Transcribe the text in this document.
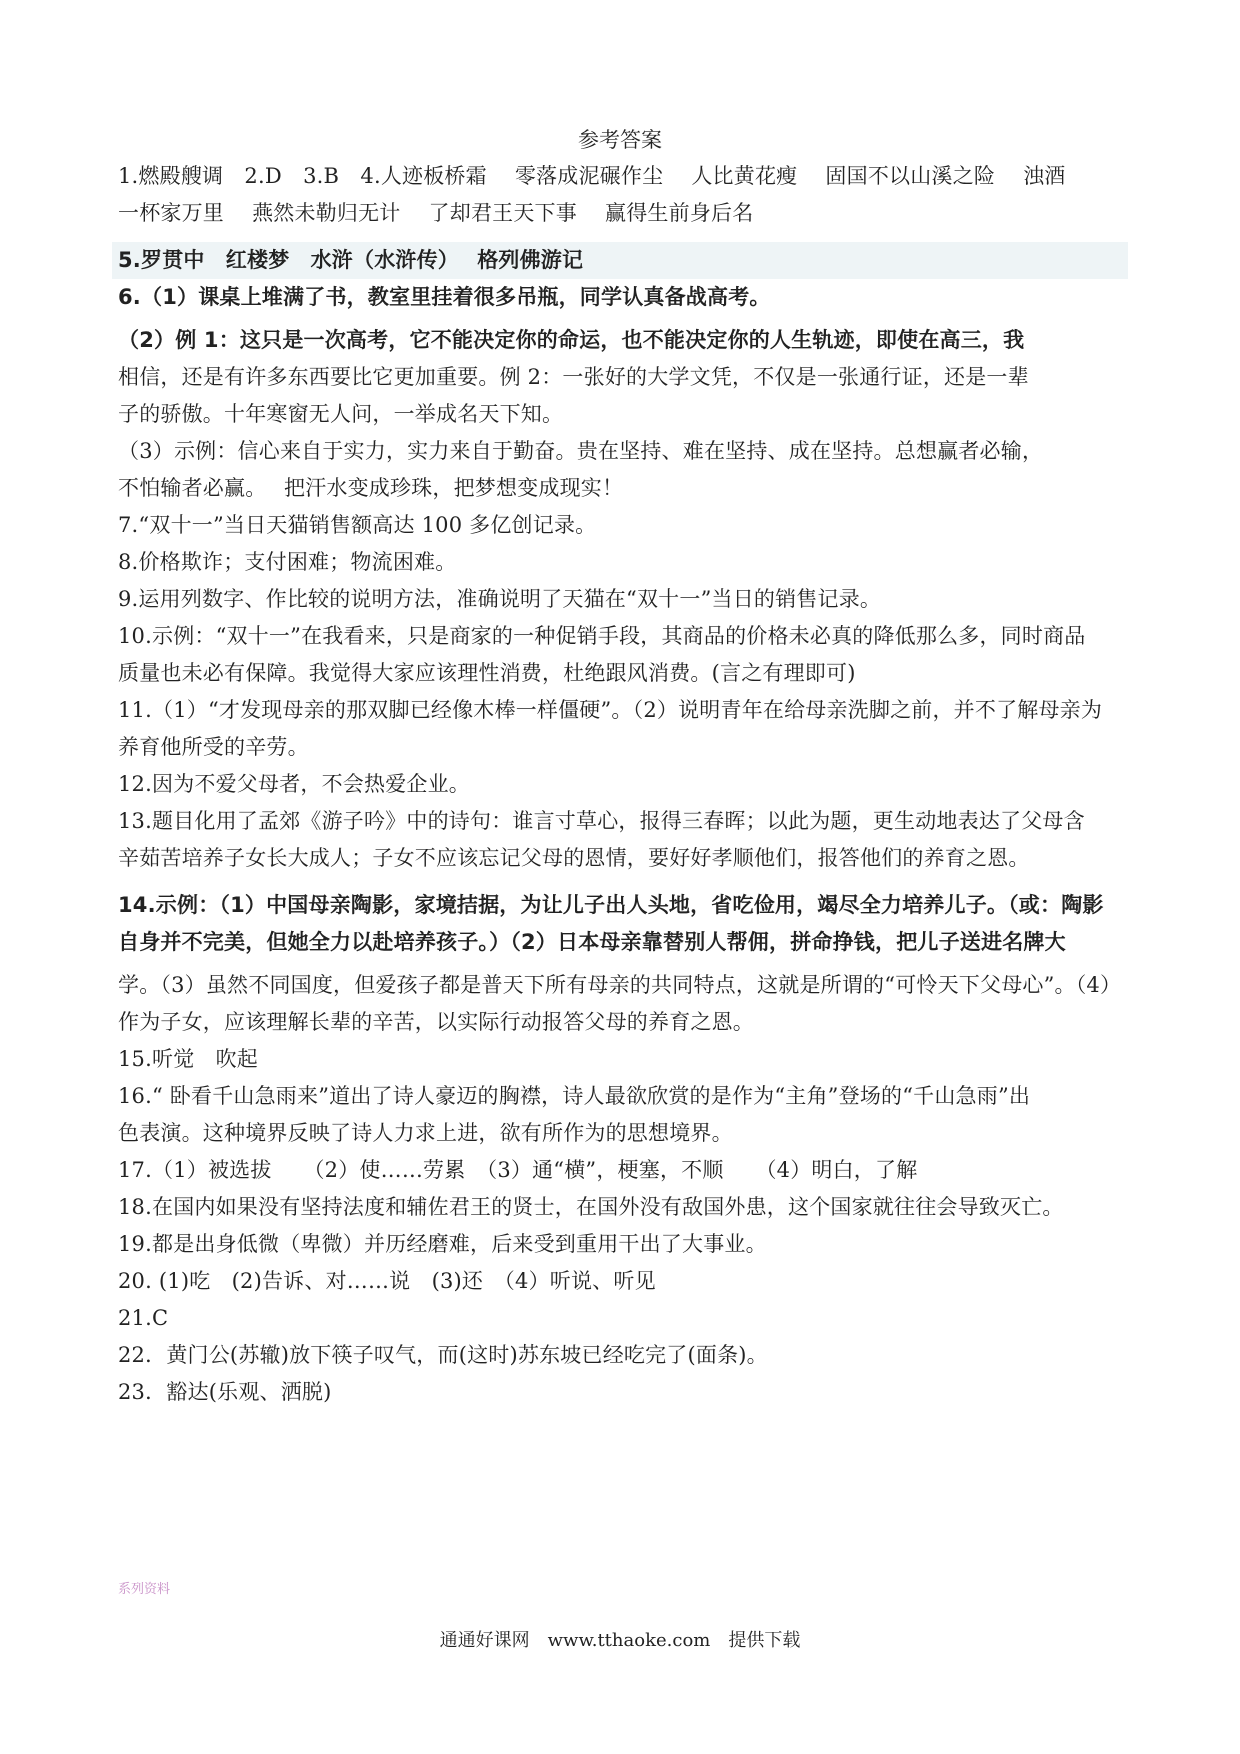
参考答案

1.燃殿艘调　2.D　3.B　4.人迹板桥霜　 零落成泥碾作尘　 人比黄花瘦　 固国不以山溪之险　 浊酒

一杯家万里　 燕然未勒归无计　 了却君王天下事　 赢得生前身后名

5.罗贯中　红楼梦　水浒（水浒传）　 格列佛游记

6.（1）课桌上堆满了书，教室里挂着很多吊瓶，同学认真备战高考。

（2）例 1：这只是一次高考，它不能决定你的命运，也不能决定你的人生轨迹，即使在高三，我

相信，还是有许多东西要比它更加重要。例 2：一张好的大学文凭，不仅是一张通行证，还是一辈

子的骄傲。十年寒窗无人问，一举成名天下知。

（3）示例：信心来自于实力，实力来自于勤奋。贵在坚持、难在坚持、成在坚持。总想赢者必输，

不怕输者必赢。　 把汗水变成珍珠，把梦想变成现实！

7.“双十一”当日天猫销售额高达 100 多亿创记录。

8.价格欺诈；支付困难；物流困难。

9.运用列数字、作比较的说明方法，准确说明了天猫在“双十一”当日的销售记录。

10.示例：“双十一”在我看来，只是商家的一种促销手段，其商品的价格未必真的降低那么多，同时商品

质量也未必有保障。我觉得大家应该理性消费，杜绝跟风消费。(言之有理即可)

11.（1）“才发现母亲的那双脚已经像木棒一样僵硬”。（2）说明青年在给母亲洗脚之前，并不了解母亲为

养育他所受的辛劳。

12.因为不爱父母者，不会热爱企业。

13.题目化用了孟郊《游子吟》中的诗句：谁言寸草心，报得三春晖；以此为题，更生动地表达了父母含

辛茹苦培养子女长大成人；子女不应该忘记父母的恩情，要好好孝顺他们，报答他们的养育之恩。

14.示例：（1）中国母亲陶影，家境拮据，为让儿子出人头地，省吃俭用，竭尽全力培养儿子。（或：陶影

自身并不完美，但她全力以赴培养孩子。）（2）日本母亲靠替别人帮佣，拼命挣钱，把儿子送进名牌大

学。（3）虽然不同国度，但爱孩子都是普天下所有母亲的共同特点，这就是所谓的“可怜天下父母心”。（4）

作为子女，应该理解长辈的辛苦，以实际行动报答父母的养育之恩。

15.听觉　吹起

16.“ 卧看千山急雨来”道出了诗人豪迈的胸襟，诗人最欲欣赏的是作为“主角”登场的“千山急雨”出

色表演。这种境界反映了诗人力求上进，欲有所作为的思想境界。

17.（1）被选拔　　（2）使……劳累　（3）通“横”，梗塞，不顺　　（4）明白，了解

18.在国内如果没有坚持法度和辅佐君王的贤士，在国外没有敌国外患，这个国家就往往会导致灭亡。

19.都是出身低微（卑微）并历经磨难，后来受到重用干出了大事业。

20. (1)吃　(2)告诉、对……说　(3)还　（4）听说、听见

21.C

22．黄门公(苏辙)放下筷子叹气，而(这时)苏东坡已经吃完了(面条)。

23．豁达(乐观、洒脱)

系列资料
通通好课网　www.tthaoke.com　提供下载
